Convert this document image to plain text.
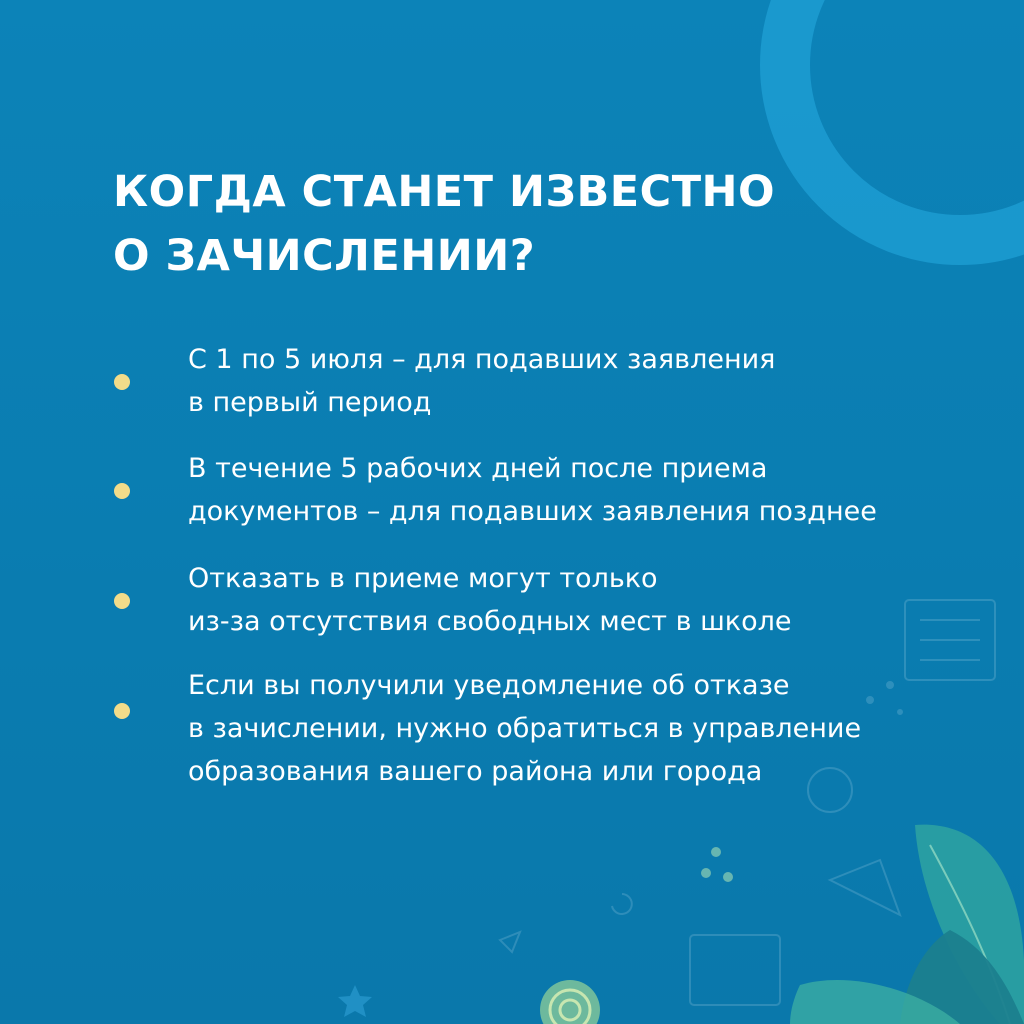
КОГДА СТАНЕТ ИЗВЕСТНО
О ЗАЧИСЛЕНИИ?
С 1 по 5 июля – для подавших заявления
в первый период
В течение 5 рабочих дней после приема
документов – для подавших заявления позднее
Отказать в приеме могут только
из-за отсутствия свободных мест в школе
Если вы получили уведомление об отказе
в зачислении, нужно обратиться в управление
образования вашего района или города
